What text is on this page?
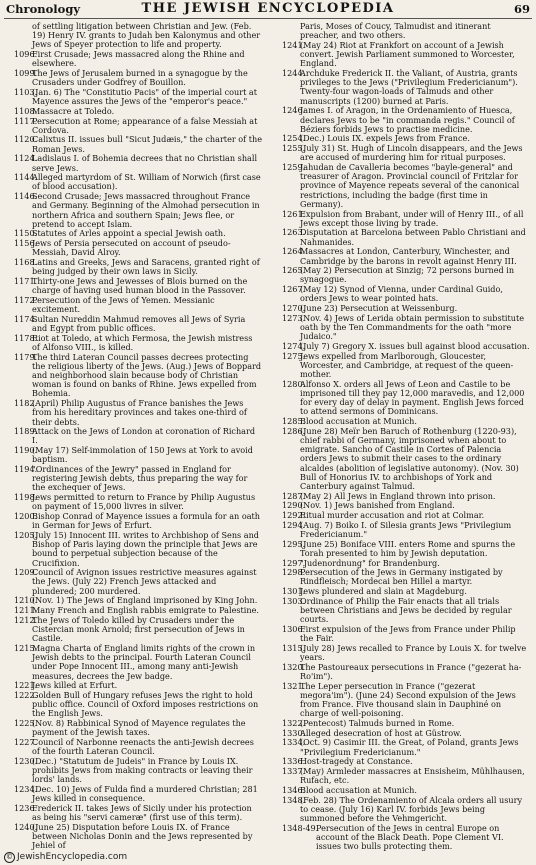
Chronology	THE JEWISH ENCYCLOPEDIA	69
of settling litigation between Christian and Jew. (Feb. 19) Henry IV. grants to Judah ben Kalonymus and other Jews of Speyer protection to life and property.
1096.
First Crusade; Jews massacred along the Rhine and elsewhere.
1099.
The Jews of Jerusalem burned in a synagogue by the Crusaders under Godfrey of Bouillon.
1103.
(Jan. 6) The "Constitutio Pacis" of the imperial court at Mayence assures the Jews of the "emperor's peace."
1108.
Massacre at Toledo.
1117.
Persecution at Rome; appearance of a false Messiah at Cordova.
1120.
Calixtus II. issues bull "Sicut Judæis," the charter of the Roman Jews.
1124.
Ladislaus I. of Bohemia decrees that no Christian shall serve Jews.
1144.
Alleged martyrdom of St. William of Norwich (first case of blood accusation).
1146.
Second Crusade; Jews massacred throughout France and Germany. Beginning of the Almohad persecution in northern Africa and southern Spain; Jews flee, or pretend to accept Islam.
1150.
Statutes of Arles appoint a special Jewish oath.
1156.
Jews of Persia persecuted on account of pseudo-Messiah, David Alroy.
1168.
Latins and Greeks, Jews and Saracens, granted right of being judged by their own laws in Sicily.
1171.
Thirty-one Jews and Jewesses of Blois burned on the charge of having used human blood in the Passover.
1172.
Persecution of the Jews of Yemen. Messianic excitement.
1174.
Sultan Nureddin Mahmud removes all Jews of Syria and Egypt from public offices.
1178.
Riot at Toledo, at which Fermosa, the Jewish mistress of Alfonso VIII., is killed.
1179.
The third Lateran Council passes decrees protecting the religious liberty of the Jews. (Aug.) Jews of Boppard and neighborhood slain because body of Christian woman is found on banks of Rhine. Jews expelled from Bohemia.
1182.
(April) Philip Augustus of France banishes the Jews from his hereditary provinces and takes one-third of their debts.
1189.
Attack on the Jews of London at coronation of Richard I.
1190.
(May 17) Self-immolation of 150 Jews at York to avoid baptism.
1194.
"Ordinances of the Jewry" passed in England for registering Jewish debts, thus preparing the way for the exchequer of Jews.
1198.
Jews permitted to return to France by Philip Augustus on payment of 15,000 livres in silver.
1200.
Bishop Conrad of Mayence issues a formula for an oath in German for Jews of Erfurt.
1205.
(July 15) Innocent III. writes to Archbishop of Sens and Bishop of Paris laying down the principle that Jews are bound to perpetual subjection because of the Crucifixion.
1209.
Council of Avignon issues restrictive measures against the Jews. (July 22) French Jews attacked and plundered; 200 murdered.
1210.
(Nov. 1) The Jews of England imprisoned by King John.
1211.
Many French and English rabbis emigrate to Palestine.
1212.
The Jews of Toledo killed by Crusaders under the Cistercian monk Arnold; first persecution of Jews in Castile.
1215.
Magna Charta of England limits rights of the crown in Jewish debts to the principal. Fourth Lateran Council under Pope Innocent III., among many anti-Jewish measures, decrees the Jew badge.
1221.
Jews killed at Erfurt.
1222.
Golden Bull of Hungary refuses Jews the right to hold public office. Council of Oxford imposes restrictions on the English Jews.
1225.
(Nov. 8) Rabbinical Synod of Mayence regulates the payment of the Jewish taxes.
1227.
Council of Narbonne reenacts the anti-Jewish decrees of the fourth Lateran Council.
1230.
(Dec.) "Statutum de Judeis" in France by Louis IX. prohibits Jews from making contracts or leaving their lords' lands.
1234.
(Dec. 10) Jews of Fulda find a murdered Christian; 281 Jews killed in consequence.
1236.
Frederick II. takes Jews of Sicily under his protection as being his "servi cameræ" (first use of this term).
1240.
(June 25) Disputation before Louis IX. of France between Nicholas Donin and the Jews represented by Jehiel of
Paris, Moses of Coucy, Talmudist and itinerant preacher, and two others.
1241.
(May 24) Riot at Frankfort on account of a Jewish convert. Jewish Parliament summoned to Worcester, England.
1244.
Archduke Frederick II. the Valiant, of Austria, grants privileges to the Jews ("Privilegium Fredericianum"). Twenty-four wagon-loads of Talmuds and other manuscripts (1200) burned at Paris.
1246.
James I. of Aragon, in the Ordenamiento of Huesca, declares Jews to be "in commanda regis." Council of Béziers forbids Jews to practise medicine.
1254.
(Dec.) Louis IX. expels Jews from France.
1255.
(July 31) St. Hugh of Lincoln disappears, and the Jews are accused of murdering him for ritual purposes.
1259.
Jahudan de Cavalleria becomes "bayle-general" and treasurer of Aragon. Provincial council of Fritzlar for province of Mayence repeats several of the canonical restrictions, including the badge (first time in Germany).
1261.
Expulsion from Brabant, under will of Henry III., of all Jews except those living by trade.
1263.
Disputation at Barcelona between Pablo Christiani and Nahmanides.
1264.
Massacres at London, Canterbury, Winchester, and Cambridge by the barons in revolt against Henry III.
1265.
(May 2) Persecution at Sinzig; 72 persons burned in synagogue.
1267.
(May 12) Synod of Vienna, under Cardinal Guido, orders Jews to wear pointed hats.
1270.
(June 23) Persecution at Weissenburg.
1273.
(Nov. 4) Jews of Lerida obtain permission to substitute oath by the Ten Commandments for the oath "more Judaico."
1274.
(July 7) Gregory X. issues bull against blood accusation.
1275.
Jews expelled from Marlborough, Gloucester, Worcester, and Cambridge, at request of the queen-mother.
1280.
Alfonso X. orders all Jews of Leon and Castile to be imprisoned till they pay 12,000 maravedis, and 12,000 for every day of delay in payment. English Jews forced to attend sermons of Dominicans.
1285.
Blood accusation at Munich.
1286.
(June 28) Meïr ben Baruch of Rothenburg (1220-93), chief rabbi of Germany, imprisoned when about to emigrate. Sancho of Castile in Cortes of Palencia orders Jews to submit their cases to the ordinary alcaldes (abolition of legislative autonomy). (Nov. 30) Bull of Honorius IV. to archbishops of York and Canterbury against Talmud.
1287.
(May 2) All Jews in England thrown into prison.
1290.
(Nov. 1) Jews banished from England.
1292.
Ritual murder accusation and riot at Colmar.
1294.
(Aug. 7) Boiko I. of Silesia grants Jews "Privilegium Fredericianum."
1295.
(June 25) Boniface VIII. enters Rome and spurns the Torah presented to him by Jewish deputation.
1297.
"Judenordnung" for Brandenburg.
1298.
Persecution of the Jews in Germany instigated by Rindfleisch; Mordecai ben Hillel a martyr.
1301.
Jews plundered and slain at Magdeburg.
1303.
Ordinance of Philip the Fair enacts that all trials between Christians and Jews be decided by regular courts.
1306.
First expulsion of the Jews from France under Philip the Fair.
1315.
(July 28) Jews recalled to France by Louis X. for twelve years.
1320.
The Pastoureaux persecutions in France ("gezerat ha-Ro'im").
1321.
The Leper persecution in France ("gezerat megora'im"). (June 24) Second expulsion of the Jews from France. Five thousand slain in Dauphiné on charge of well-poisoning.
1322.
(Pentecost) Talmuds burned in Rome.
1330.
Alleged desecration of host at Güstrow.
1334.
(Oct. 9) Casimir III. the Great, of Poland, grants Jews "Privilegium Fredericianum."
1336.
Host-tragedy at Constance.
1337.
(May) Armleder massacres at Ensisheim, Mühlhausen, Rufach, etc.
1346.
Blood accusation at Munich.
1348.
(Feb. 28) The Ordenamiento of Alcala orders all usury to cease. (July 16) Karl IV. forbids Jews being summoned before the Vehmgericht.
1348-49.
Persecution of the Jews in central Europe on account of the Black Death. Pope Clement VI. issues two bulls protecting them.
© JewishEncyclopedia.com
